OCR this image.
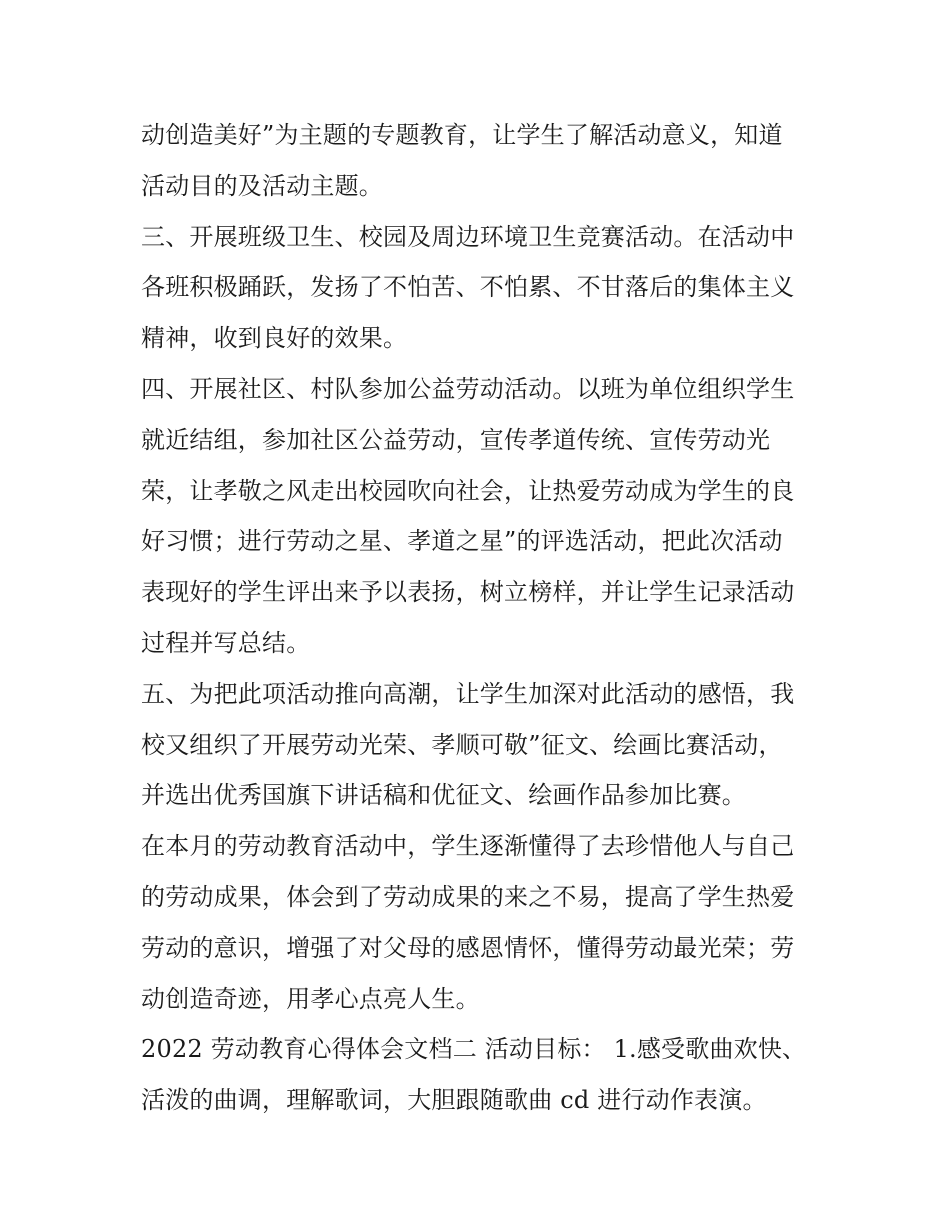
动创造美好”为主题的专题教育，让学生了解活动意义，知道
活动目的及活动主题。
三、开展班级卫生、校园及周边环境卫生竞赛活动。在活动中
各班积极踊跃，发扬了不怕苦、不怕累、不甘落后的集体主义
精神，收到良好的效果。
四、开展社区、村队参加公益劳动活动。以班为单位组织学生
就近结组，参加社区公益劳动，宣传孝道传统、宣传劳动光
荣，让孝敬之风走出校园吹向社会，让热爱劳动成为学生的良
好习惯；进行劳动之星、孝道之星”的评选活动，把此次活动
表现好的学生评出来予以表扬，树立榜样，并让学生记录活动
过程并写总结。
五、为把此项活动推向高潮，让学生加深对此活动的感悟，我
校又组织了开展劳动光荣、孝顺可敬”征文、绘画比赛活动，
并选出优秀国旗下讲话稿和优征文、绘画作品参加比赛。
在本月的劳动教育活动中，学生逐渐懂得了去珍惜他人与自己
的劳动成果，体会到了劳动成果的来之不易，提高了学生热爱
劳动的意识，增强了对父母的感恩情怀，懂得劳动最光荣；劳
动创造奇迹，用孝心点亮人生。
2022 劳动教育心得体会文档二 活动目标： 1.感受歌曲欢快、
活泼的曲调，理解歌词，大胆跟随歌曲 cd 进行动作表演。
